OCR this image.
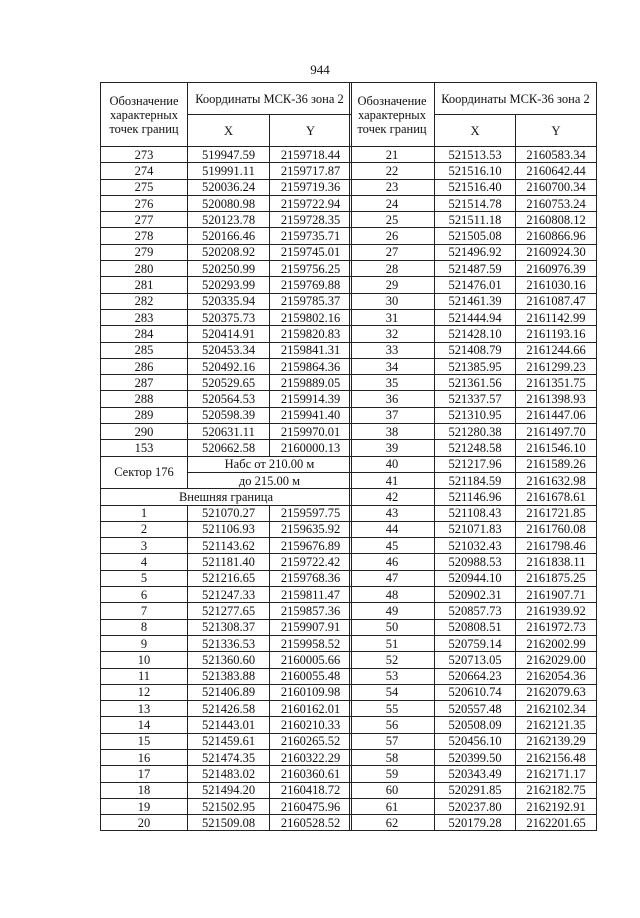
944
Обозначение характерных точек границ	Координаты МСК-36 зона 2	
	X	Y
273	519947.59	2159718.44
274	519991.11	2159717.87
275	520036.24	2159719.36
276	520080.98	2159722.94
277	520123.78	2159728.35
278	520166.46	2159735.71
279	520208.92	2159745.01
280	520250.99	2159756.25
281	520293.99	2159769.88
282	520335.94	2159785.37
283	520375.73	2159802.16
284	520414.91	2159820.83
285	520453.34	2159841.31
286	520492.16	2159864.36
287	520529.65	2159889.05
288	520564.53	2159914.39
289	520598.39	2159941.40
290	520631.11	2159970.01
153	520662.58	2160000.13
Сектор 176	Набс от 210.00 м	
	до 215.00 м	
Внешняя граница		
1	521070.27	2159597.75
2	521106.93	2159635.92
3	521143.62	2159676.89
4	521181.40	2159722.42
5	521216.65	2159768.36
6	521247.33	2159811.47
7	521277.65	2159857.36
8	521308.37	2159907.91
9	521336.53	2159958.52
10	521360.60	2160005.66
11	521383.88	2160055.48
12	521406.89	2160109.98
13	521426.58	2160162.01
14	521443.01	2160210.33
15	521459.61	2160265.52
16	521474.35	2160322.29
17	521483.02	2160360.61
18	521494.20	2160418.72
19	521502.95	2160475.96
20	521509.08	2160528.52
Обозначение характерных точек границ	Координаты МСК-36 зона 2	
	X	Y
21	521513.53	2160583.34
22	521516.10	2160642.44
23	521516.40	2160700.34
24	521514.78	2160753.24
25	521511.18	2160808.12
26	521505.08	2160866.96
27	521496.92	2160924.30
28	521487.59	2160976.39
29	521476.01	2161030.16
30	521461.39	2161087.47
31	521444.94	2161142.99
32	521428.10	2161193.16
33	521408.79	2161244.66
34	521385.95	2161299.23
35	521361.56	2161351.75
36	521337.57	2161398.93
37	521310.95	2161447.06
38	521280.38	2161497.70
39	521248.58	2161546.10
40	521217.96	2161589.26
41	521184.59	2161632.98
42	521146.96	2161678.61
43	521108.43	2161721.85
44	521071.83	2161760.08
45	521032.43	2161798.46
46	520988.53	2161838.11
47	520944.10	2161875.25
48	520902.31	2161907.71
49	520857.73	2161939.92
50	520808.51	2161972.73
51	520759.14	2162002.99
52	520713.05	2162029.00
53	520664.23	2162054.36
54	520610.74	2162079.63
55	520557.48	2162102.34
56	520508.09	2162121.35
57	520456.10	2162139.29
58	520399.50	2162156.48
59	520343.49	2162171.17
60	520291.85	2162182.75
61	520237.80	2162192.91
62	520179.28	2162201.65
